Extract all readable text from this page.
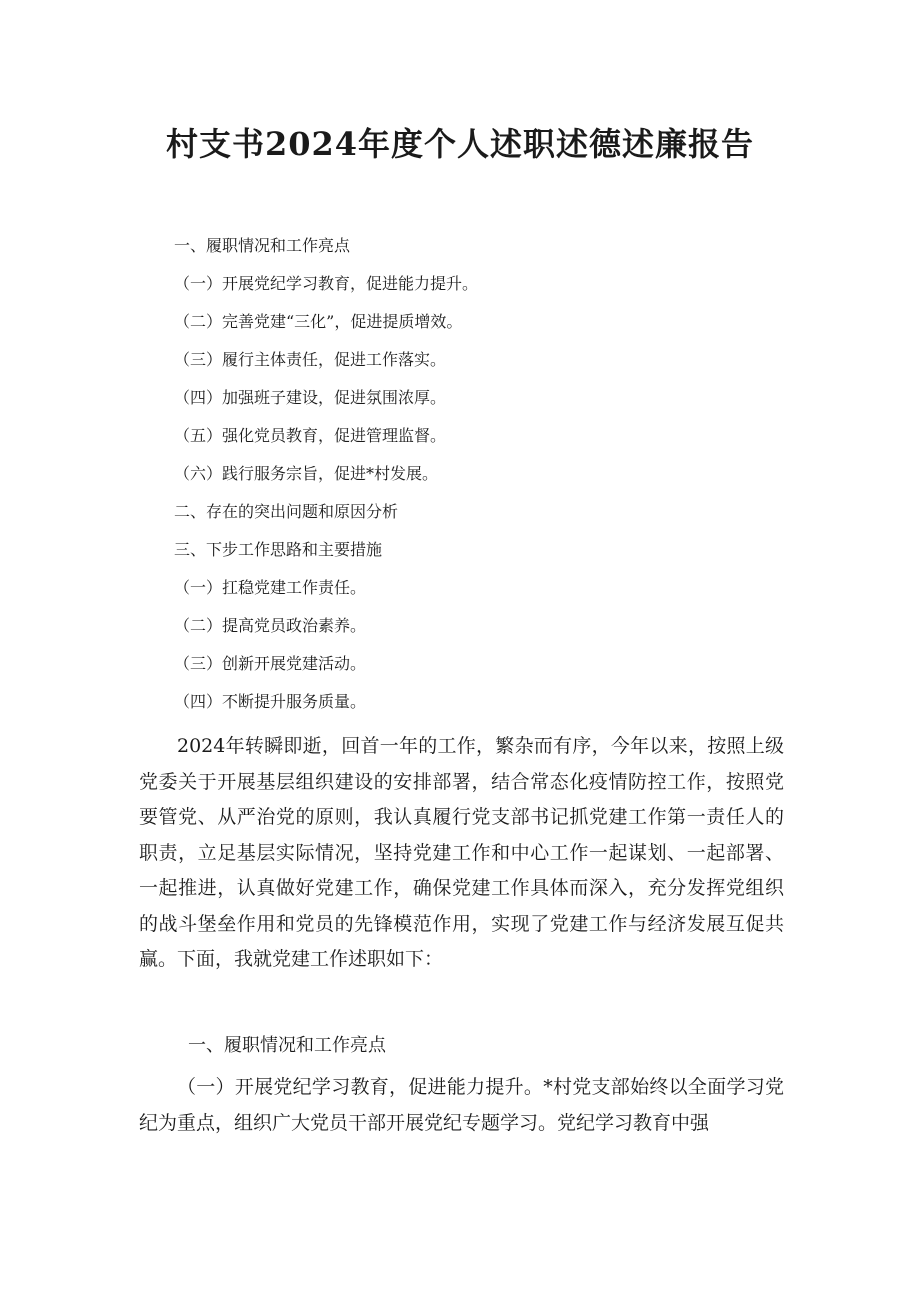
村支书2024年度个人述职述德述廉报告
一、履职情况和工作亮点
（一）开展党纪学习教育，促进能力提升。
（二）完善党建“三化”，促进提质增效。
（三）履行主体责任，促进工作落实。
（四）加强班子建设，促进氛围浓厚。
（五）强化党员教育，促进管理监督。
（六）践行服务宗旨，促进*村发展。
二、存在的突出问题和原因分析
三、下步工作思路和主要措施
（一）扛稳党建工作责任。
（二）提高党员政治素养。
（三）创新开展党建活动。
（四）不断提升服务质量。

2024年转瞬即逝，回首一年的工作，繁杂而有序，今年以来，按照上级党委关于开展基层组织建设的安排部署，结合常态化疫情防控工作，按照党要管党、从严治党的原则，我认真履行党支部书记抓党建工作第一责任人的职责，立足基层实际情况，坚持党建工作和中心工作一起谋划、一起部署、一起推进，认真做好党建工作，确保党建工作具体而深入，充分发挥党组织的战斗堡垒作用和党员的先锋模范作用，实现了党建工作与经济发展互促共赢。下面，我就党建工作述职如下：

一、履职情况和工作亮点

（一）开展党纪学习教育，促进能力提升。*村党支部始终以全面学习党纪为重点，组织广大党员干部开展党纪专题学习。党纪学习教育中强
